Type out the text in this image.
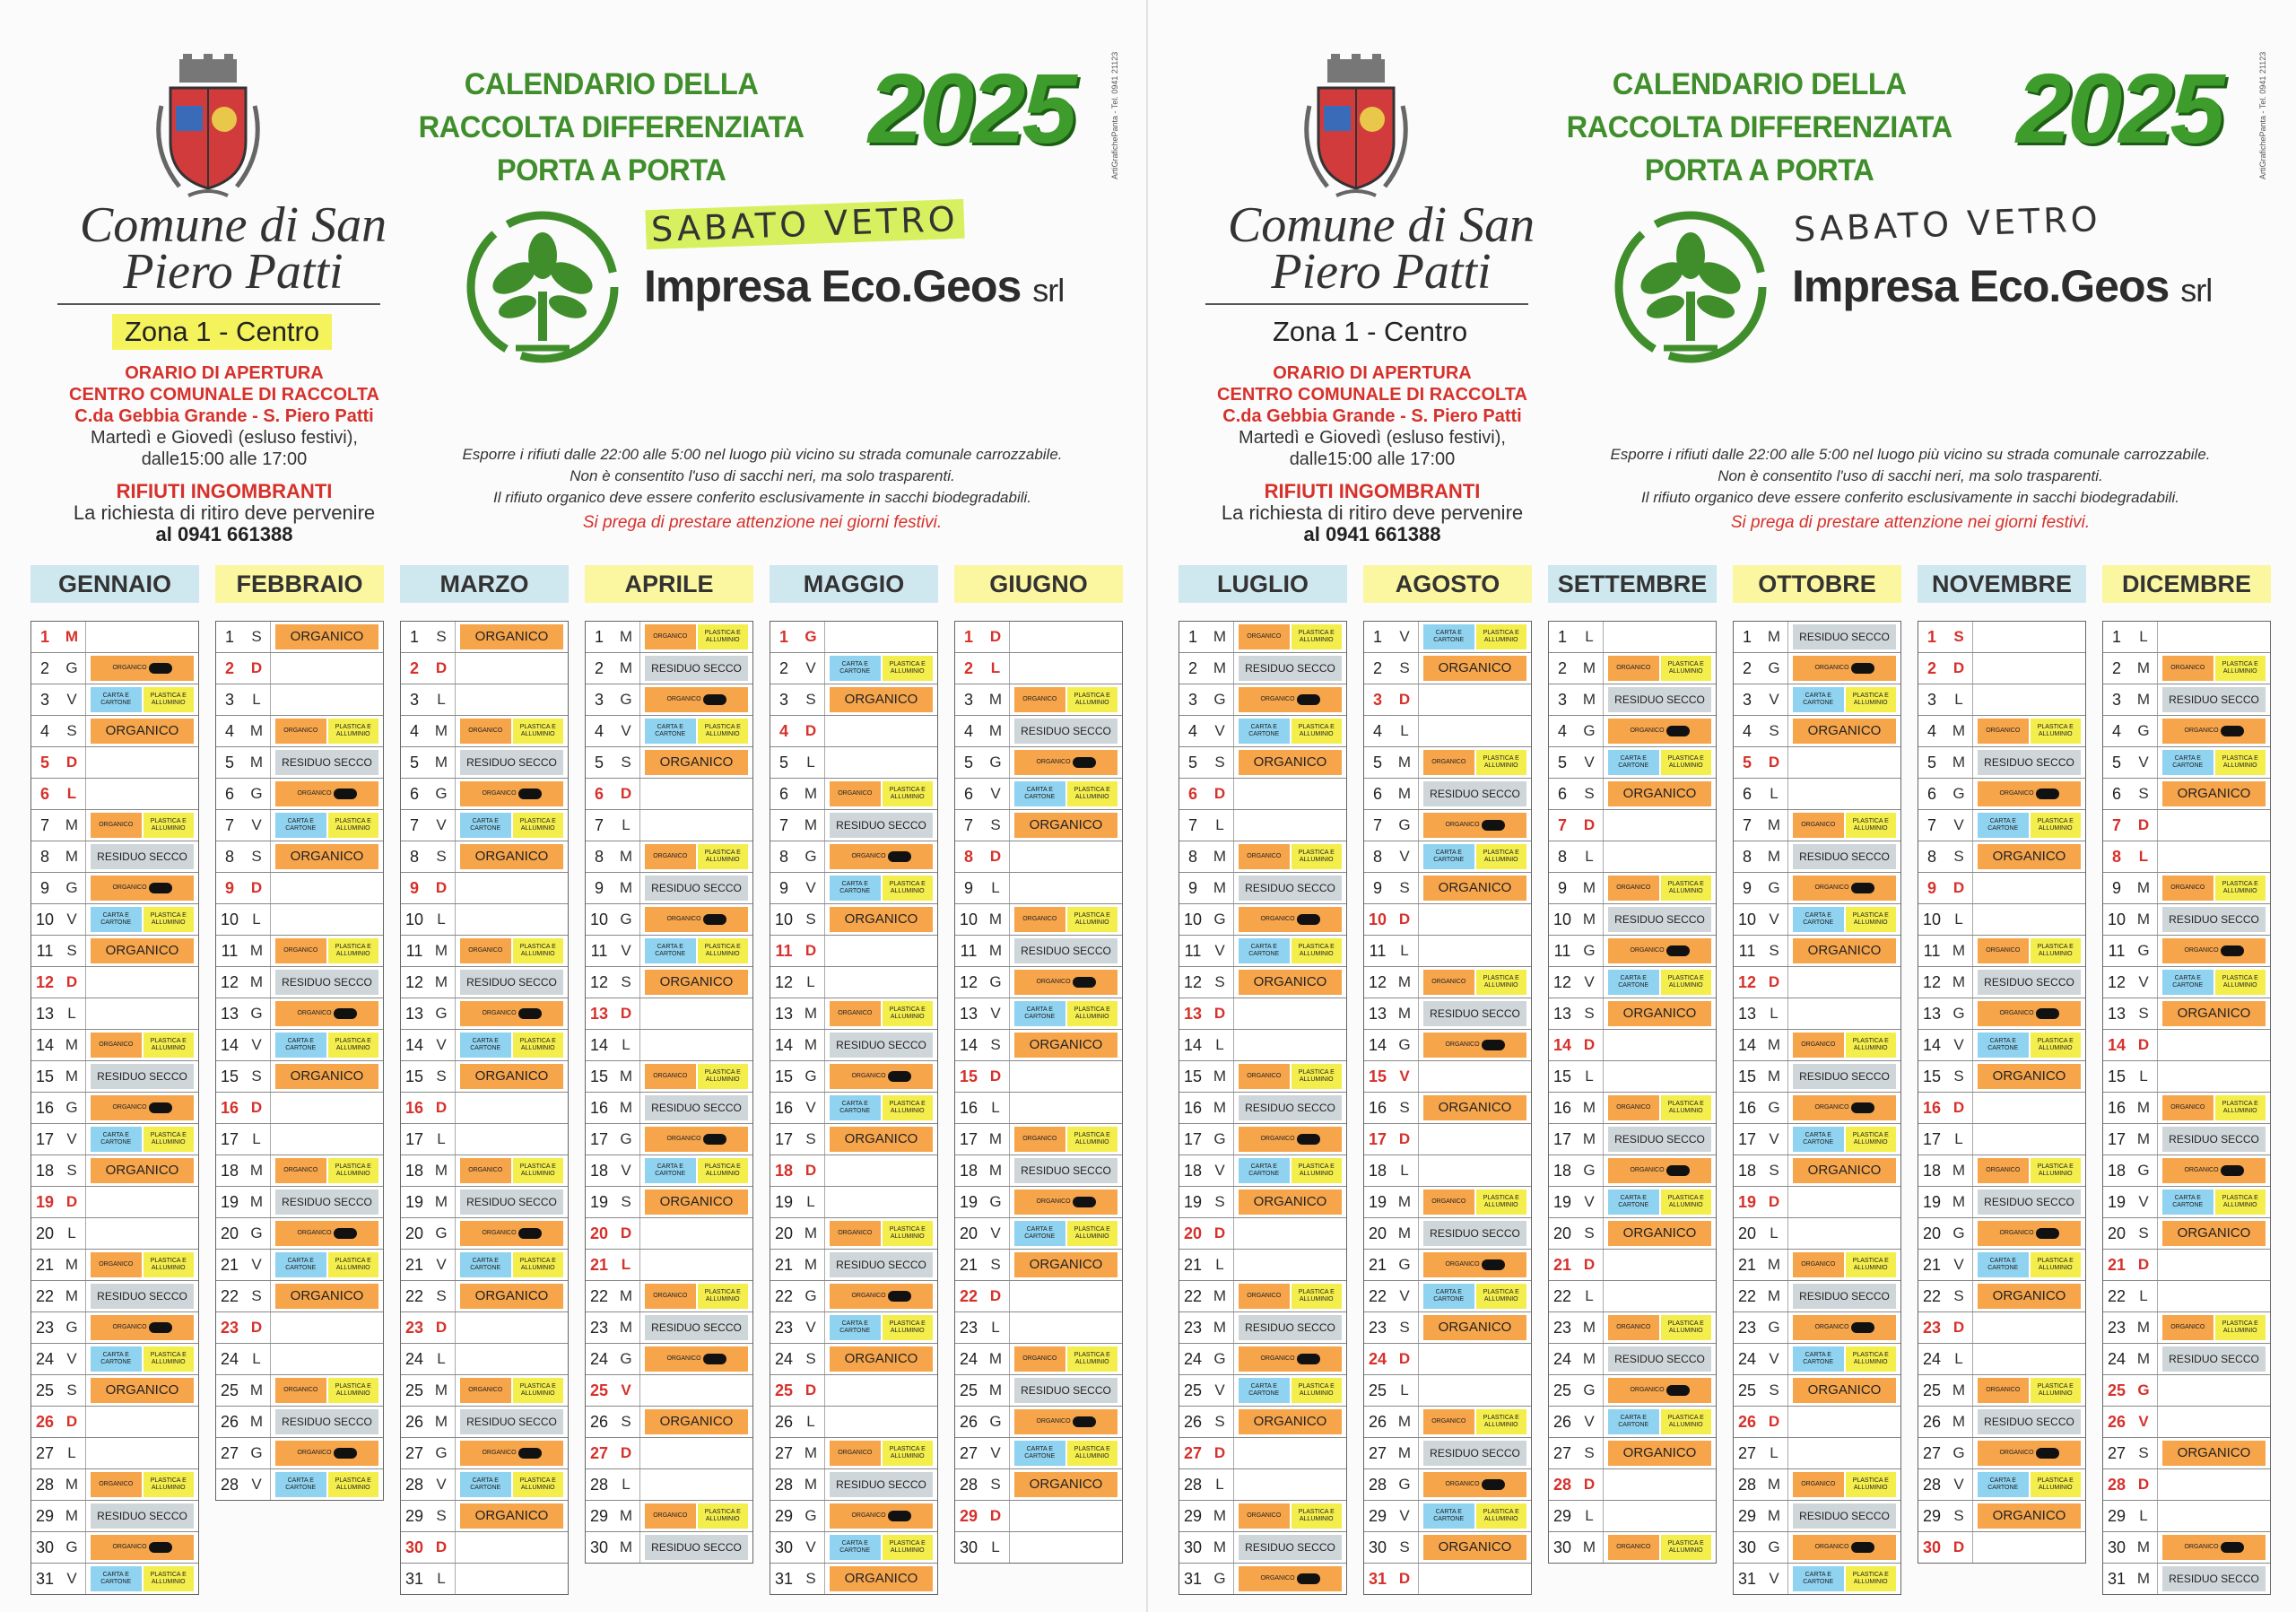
CALENDARIO DELLA RACCOLTA DIFFERENZIATA PORTA A PORTA
2025
Comune di San Piero Patti
Zona 1 - Centro
SABATO VETRO
Impresa Eco.Geos srl
ArtiGrafichePanta - Tel. 0941 21123
ORARIO DI APERTURA
CENTRO COMUNALE DI RACCOLTA
C.da Gebbia Grande - S. Piero Patti
Martedì e Giovedì (esluso festivi),
dalle15:00 alle 17:00
RIFIUTI INGOMBRANTI
La richiesta di ritiro deve pervenire
al 0941 661388
Esporre i rifiuti dalle 22:00 alle 5:00 nel luogo più vicino su strada comunale carrozzabile.
Non è consentito l'uso di sacchi neri, ma solo trasparenti.
Il rifiuto organico deve essere conferito esclusivamente in sacchi biodegradabili.
Si prega di prestare attenzione nei giorni festivi.
GENNAIO
1	M
2	G	ORGANICO
3	V	CARTA E CARTONE
PLASTICA E ALLUMINIO
4	S	ORGANICO
5	D
6	L
7	M	ORGANICO
PLASTICA E ALLUMINIO
8	M	RESIDUO SECCO
9	G	ORGANICO
10 V	CARTA E CARTONE
PLASTICA E ALLUMINIO
11 S	ORGANICO
12 D
13 L
14 M	ORGANICO
PLASTICA E ALLUMINIO
15 M	RESIDUO SECCO
16 G	ORGANICO
17 V	CARTA E CARTONE
PLASTICA E ALLUMINIO
18 S	ORGANICO
19 D
20 L
21 M	ORGANICO
PLASTICA E ALLUMINIO
22 M	RESIDUO SECCO
23 G	ORGANICO
24 V	CARTA E CARTONE
PLASTICA E ALLUMINIO
25 S	ORGANICO
26 D
27 L
28 M	ORGANICO
PLASTICA E ALLUMINIO
29 M	RESIDUO SECCO
30 G	ORGANICO
31 V	CARTA E CARTONE
PLASTICA E ALLUMINIO
FEBBRAIO
1	S	ORGANICO
2	D
3	L
4	M	ORGANICO
PLASTICA E ALLUMINIO
5	M	RESIDUO SECCO
6	G	ORGANICO
7	V	CARTA E CARTONE
PLASTICA E ALLUMINIO
8	S	ORGANICO
9	D
10 L
11 M	ORGANICO
PLASTICA E ALLUMINIO
12 M	RESIDUO SECCO
13 G	ORGANICO
14 V	CARTA E CARTONE
PLASTICA E ALLUMINIO
15 S	ORGANICO
16 D
17 L
18 M	ORGANICO
PLASTICA E ALLUMINIO
19 M	RESIDUO SECCO
20 G	ORGANICO
21 V	CARTA E CARTONE
PLASTICA E ALLUMINIO
22 S	ORGANICO
23 D
24 L
25 M	ORGANICO
PLASTICA E ALLUMINIO
26 M	RESIDUO SECCO
27 G	ORGANICO
28 V	CARTA E CARTONE
PLASTICA E ALLUMINIO
MARZO
1	S	ORGANICO
2	D
3	L
4	M	ORGANICO
PLASTICA E ALLUMINIO
5	M	RESIDUO SECCO
6	G	ORGANICO
7	V	CARTA E CARTONE
PLASTICA E ALLUMINIO
8	S	ORGANICO
9	D
10 L
11 M	ORGANICO
PLASTICA E ALLUMINIO
12 M	RESIDUO SECCO
13 G	ORGANICO
14 V	CARTA E CARTONE
PLASTICA E ALLUMINIO
15 S	ORGANICO
16 D
17 L
18 M	ORGANICO
PLASTICA E ALLUMINIO
19 M	RESIDUO SECCO
20 G	ORGANICO
21 V	CARTA E CARTONE
PLASTICA E ALLUMINIO
22 S	ORGANICO
23 D
24 L
25 M	ORGANICO
PLASTICA E ALLUMINIO
26 M	RESIDUO SECCO
27 G	ORGANICO
28 V	CARTA E CARTONE
PLASTICA E ALLUMINIO
29 S	ORGANICO
30 D
31 L
APRILE
1	M	ORGANICO
PLASTICA E ALLUMINIO
2	M	RESIDUO SECCO
3	G	ORGANICO
4	V	CARTA E CARTONE
PLASTICA E ALLUMINIO
5	S	ORGANICO
6	D
7	L
8	M	ORGANICO
PLASTICA E ALLUMINIO
9	M	RESIDUO SECCO
10 G	ORGANICO
11 V	CARTA E CARTONE
PLASTICA E ALLUMINIO
12 S	ORGANICO
13 D
14 L
15 M	ORGANICO
PLASTICA E ALLUMINIO
16 M	RESIDUO SECCO
17 G	ORGANICO
18 V	CARTA E CARTONE
PLASTICA E ALLUMINIO
19 S	ORGANICO
20 D
21 L
22 M	ORGANICO
PLASTICA E ALLUMINIO
23 M	RESIDUO SECCO
24 G	ORGANICO
25 V
26 S	ORGANICO
27 D
28 L
29 M	ORGANICO
PLASTICA E ALLUMINIO
30 M	RESIDUO SECCO
MAGGIO
1	G
2	V	CARTA E CARTONE
PLASTICA E ALLUMINIO
3	S	ORGANICO
4	D
5	L
6	M	ORGANICO
PLASTICA E ALLUMINIO
7	M	RESIDUO SECCO
8	G	ORGANICO
9	V	CARTA E CARTONE
PLASTICA E ALLUMINIO
10 S	ORGANICO
11 D
12 L
13 M	ORGANICO
PLASTICA E ALLUMINIO
14 M	RESIDUO SECCO
15 G	ORGANICO
16 V	CARTA E CARTONE
PLASTICA E ALLUMINIO
17 S	ORGANICO
18 D
19 L
20 M	ORGANICO
PLASTICA E ALLUMINIO
21 M	RESIDUO SECCO
22 G	ORGANICO
23 V	CARTA E CARTONE
PLASTICA E ALLUMINIO
24 S	ORGANICO
25 D
26 L
27 M	ORGANICO
PLASTICA E ALLUMINIO
28 M	RESIDUO SECCO
29 G	ORGANICO
30 V	CARTA E CARTONE
PLASTICA E ALLUMINIO
31 S	ORGANICO
GIUGNO
1	D
2	L
3	M	ORGANICO
PLASTICA E ALLUMINIO
4	M	RESIDUO SECCO
5	G	ORGANICO
6	V	CARTA E CARTONE
PLASTICA E ALLUMINIO
7	S	ORGANICO
8	D
9	L
10 M	ORGANICO
PLASTICA E ALLUMINIO
11 M	RESIDUO SECCO
12 G	ORGANICO
13 V	CARTA E CARTONE
PLASTICA E ALLUMINIO
14 S	ORGANICO
15 D
16 L
17 M	ORGANICO
PLASTICA E ALLUMINIO
18 M	RESIDUO SECCO
19 G	ORGANICO
20 V	CARTA E CARTONE
PLASTICA E ALLUMINIO
21 S	ORGANICO
22 D
23 L
24 M	ORGANICO
PLASTICA E ALLUMINIO
25 M	RESIDUO SECCO
26 G	ORGANICO
27 V	CARTA E CARTONE
PLASTICA E ALLUMINIO
28 S	ORGANICO
29 D
30 L
CALENDARIO DELLA RACCOLTA DIFFERENZIATA PORTA A PORTA
2025
Comune di San Piero Patti
Zona 1 - Centro
SABATO VETRO
Impresa Eco.Geos srl
ArtiGrafichePanta - Tel. 0941 21123
ORARIO DI APERTURA
CENTRO COMUNALE DI RACCOLTA
C.da Gebbia Grande - S. Piero Patti
Martedì e Giovedì (esluso festivi),
dalle15:00 alle 17:00
RIFIUTI INGOMBRANTI
La richiesta di ritiro deve pervenire
al 0941 661388
Esporre i rifiuti dalle 22:00 alle 5:00 nel luogo più vicino su strada comunale carrozzabile.
Non è consentito l'uso di sacchi neri, ma solo trasparenti.
Il rifiuto organico deve essere conferito esclusivamente in sacchi biodegradabili.
Si prega di prestare attenzione nei giorni festivi.
LUGLIO
1	M	ORGANICO
PLASTICA E ALLUMINIO
2	M	RESIDUO SECCO
3	G	ORGANICO
4	V	CARTA E CARTONE
PLASTICA E ALLUMINIO
5	S	ORGANICO
6	D
7	L
8	M	ORGANICO
PLASTICA E ALLUMINIO
9	M	RESIDUO SECCO
10 G	ORGANICO
11 V	CARTA E CARTONE
PLASTICA E ALLUMINIO
12 S	ORGANICO
13 D
14 L
15 M	ORGANICO
PLASTICA E ALLUMINIO
16 M	RESIDUO SECCO
17 G	ORGANICO
18 V	CARTA E CARTONE
PLASTICA E ALLUMINIO
19 S	ORGANICO
20 D
21 L
22 M	ORGANICO
PLASTICA E ALLUMINIO
23 M	RESIDUO SECCO
24 G	ORGANICO
25 V	CARTA E CARTONE
PLASTICA E ALLUMINIO
26 S	ORGANICO
27 D
28 L
29 M	ORGANICO
PLASTICA E ALLUMINIO
30 M	RESIDUO SECCO
31 G	ORGANICO
AGOSTO
1	V	CARTA E CARTONE
PLASTICA E ALLUMINIO
2	S	ORGANICO
3	D
4	L
5	M	ORGANICO
PLASTICA E ALLUMINIO
6	M	RESIDUO SECCO
7	G	ORGANICO
8	V	CARTA E CARTONE
PLASTICA E ALLUMINIO
9	S	ORGANICO
10 D
11 L
12 M	ORGANICO
PLASTICA E ALLUMINIO
13 M	RESIDUO SECCO
14 G	ORGANICO
15 V
16 S	ORGANICO
17 D
18 L
19 M	ORGANICO
PLASTICA E ALLUMINIO
20 M	RESIDUO SECCO
21 G	ORGANICO
22 V	CARTA E CARTONE
PLASTICA E ALLUMINIO
23 S	ORGANICO
24 D
25 L
26 M	ORGANICO
PLASTICA E ALLUMINIO
27 M	RESIDUO SECCO
28 G	ORGANICO
29 V	CARTA E CARTONE
PLASTICA E ALLUMINIO
30 S	ORGANICO
31 D
SETTEMBRE
1	L
2	M	ORGANICO
PLASTICA E ALLUMINIO
3	M	RESIDUO SECCO
4	G	ORGANICO
5	V	CARTA E CARTONE
PLASTICA E ALLUMINIO
6	S	ORGANICO
7	D
8	L
9	M	ORGANICO
PLASTICA E ALLUMINIO
10 M	RESIDUO SECCO
11 G	ORGANICO
12 V	CARTA E CARTONE
PLASTICA E ALLUMINIO
13 S	ORGANICO
14 D
15 L
16 M	ORGANICO
PLASTICA E ALLUMINIO
17 M	RESIDUO SECCO
18 G	ORGANICO
19 V	CARTA E CARTONE
PLASTICA E ALLUMINIO
20 S	ORGANICO
21 D
22 L
23 M	ORGANICO
PLASTICA E ALLUMINIO
24 M	RESIDUO SECCO
25 G	ORGANICO
26 V	CARTA E CARTONE
PLASTICA E ALLUMINIO
27 S	ORGANICO
28 D
29 L
30 M	ORGANICO
PLASTICA E ALLUMINIO
OTTOBRE
1	M	RESIDUO SECCO
2	G	ORGANICO
3	V	CARTA E CARTONE
PLASTICA E ALLUMINIO
4	S	ORGANICO
5	D
6	L
7	M	ORGANICO
PLASTICA E ALLUMINIO
8	M	RESIDUO SECCO
9	G	ORGANICO
10 V	CARTA E CARTONE
PLASTICA E ALLUMINIO
11 S	ORGANICO
12 D
13 L
14 M	ORGANICO
PLASTICA E ALLUMINIO
15 M	RESIDUO SECCO
16 G	ORGANICO
17 V	CARTA E CARTONE
PLASTICA E ALLUMINIO
18 S	ORGANICO
19 D
20 L
21 M	ORGANICO
PLASTICA E ALLUMINIO
22 M	RESIDUO SECCO
23 G	ORGANICO
24 V	CARTA E CARTONE
PLASTICA E ALLUMINIO
25 S	ORGANICO
26 D
27 L
28 M	ORGANICO
PLASTICA E ALLUMINIO
29 M	RESIDUO SECCO
30 G	ORGANICO
31 V	CARTA E CARTONE
PLASTICA E ALLUMINIO
NOVEMBRE
1	S
2	D
3	L
4	M	ORGANICO
PLASTICA E ALLUMINIO
5	M	RESIDUO SECCO
6	G	ORGANICO
7	V	CARTA E CARTONE
PLASTICA E ALLUMINIO
8	S	ORGANICO
9	D
10 L
11 M	ORGANICO
PLASTICA E ALLUMINIO
12 M	RESIDUO SECCO
13 G	ORGANICO
14 V	CARTA E CARTONE
PLASTICA E ALLUMINIO
15 S	ORGANICO
16 D
17 L
18 M	ORGANICO
PLASTICA E ALLUMINIO
19 M	RESIDUO SECCO
20 G	ORGANICO
21 V	CARTA E CARTONE
PLASTICA E ALLUMINIO
22 S	ORGANICO
23 D
24 L
25 M	ORGANICO
PLASTICA E ALLUMINIO
26 M	RESIDUO SECCO
27 G	ORGANICO
28 V	CARTA E CARTONE
PLASTICA E ALLUMINIO
29 S	ORGANICO
30 D
DICEMBRE
1	L
2	M	ORGANICO
PLASTICA E ALLUMINIO
3	M	RESIDUO SECCO
4	G	ORGANICO
5	V	CARTA E CARTONE
PLASTICA E ALLUMINIO
6	S	ORGANICO
7	D
8	L
9	M	ORGANICO
PLASTICA E ALLUMINIO
10 M	RESIDUO SECCO
11 G	ORGANICO
12 V	CARTA E CARTONE
PLASTICA E ALLUMINIO
13 S	ORGANICO
14 D
15 L
16 M	ORGANICO
PLASTICA E ALLUMINIO
17 M	RESIDUO SECCO
18 G	ORGANICO
19 V	CARTA E CARTONE
PLASTICA E ALLUMINIO
20 S	ORGANICO
21 D
22 L
23 M	ORGANICO
PLASTICA E ALLUMINIO
24 M	RESIDUO SECCO
25 G
26 V
27 S	ORGANICO
28 D
29 L
30 M	ORGANICO
31 M	RESIDUO SECCO
